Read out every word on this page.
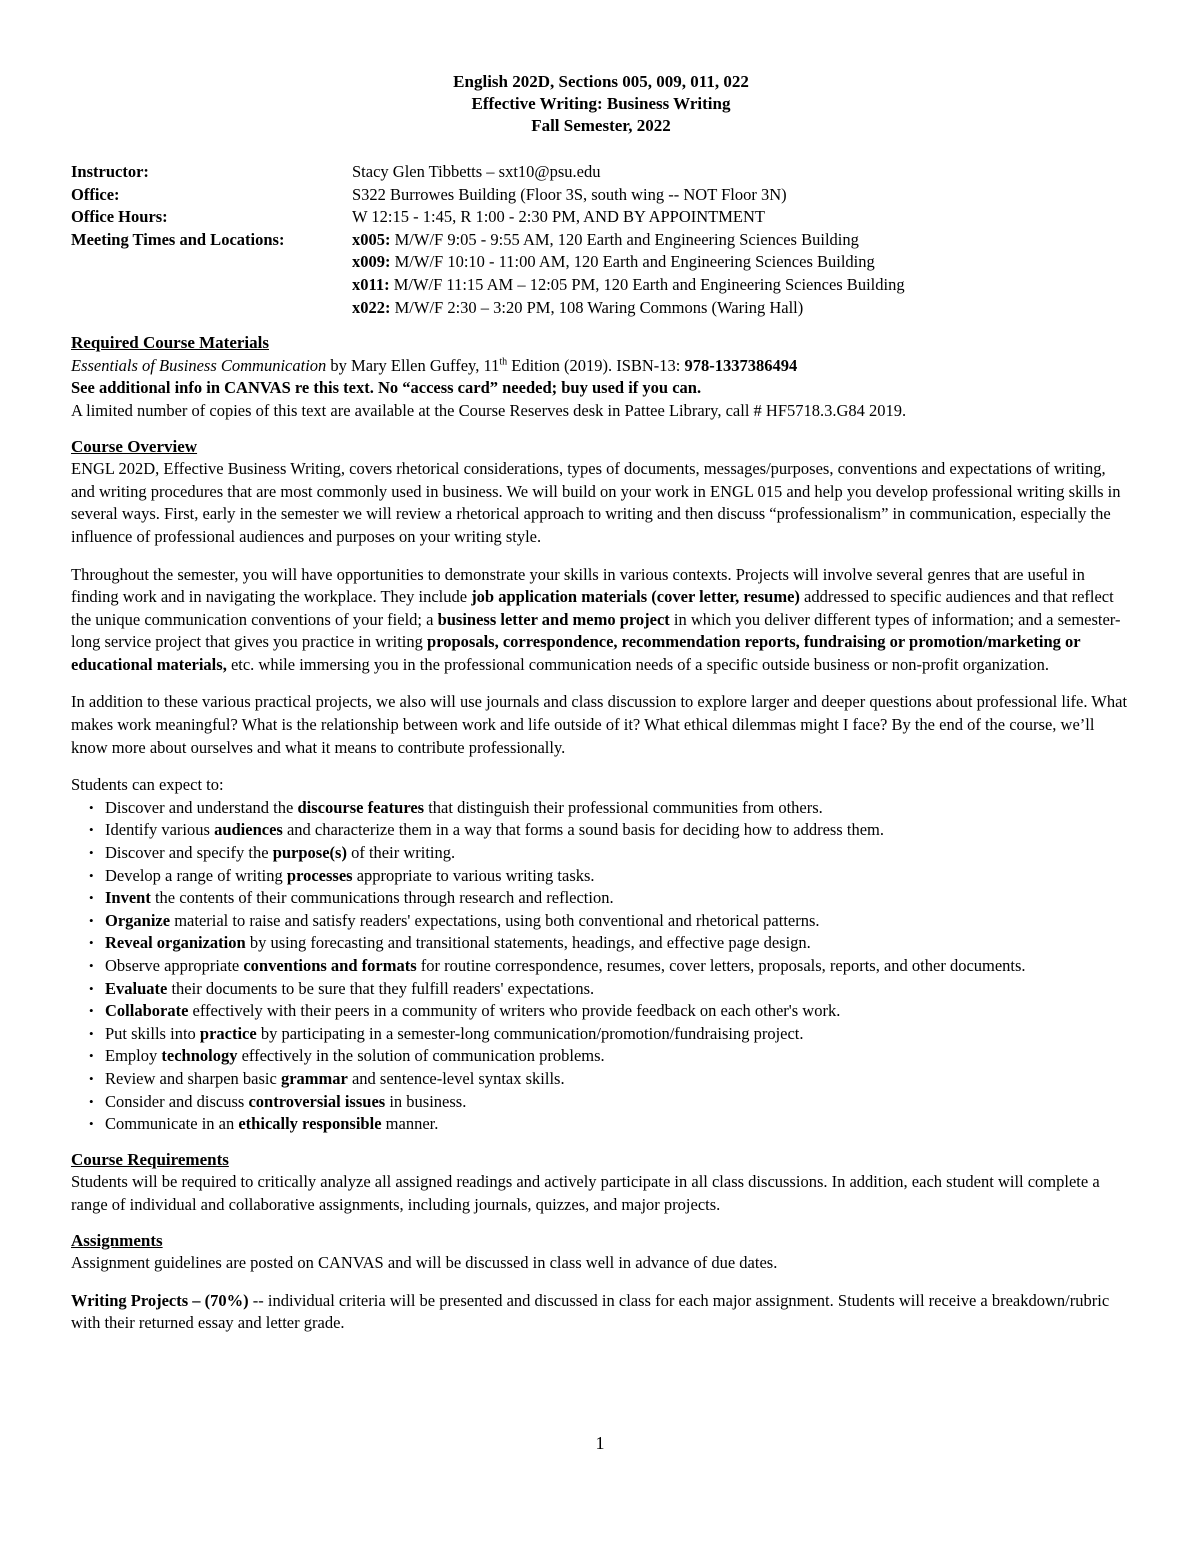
English 202D, Sections 005, 009, 011, 022
Effective Writing: Business Writing
Fall Semester, 2022
Instructor:	Stacy Glen Tibbetts – sxt10@psu.edu
Office:	S322 Burrowes Building (Floor 3S, south wing -- NOT Floor 3N)
Office Hours:	W 12:15 - 1:45, R 1:00 - 2:30 PM, AND BY APPOINTMENT
Meeting Times and Locations:	x005: M/W/F 9:05 - 9:55 AM, 120 Earth and Engineering Sciences Building
x009: M/W/F 10:10 - 11:00 AM, 120 Earth and Engineering Sciences Building
x011: M/W/F 11:15 AM – 12:05 PM, 120 Earth and Engineering Sciences Building
x022: M/W/F 2:30 – 3:20 PM, 108 Waring Commons (Waring Hall)
Required Course Materials
Essentials of Business Communication by Mary Ellen Guffey, 11th Edition (2019). ISBN-13: 978-1337386494
See additional info in CANVAS re this text. No “access card” needed; buy used if you can.
A limited number of copies of this text are available at the Course Reserves desk in Pattee Library, call # HF5718.3.G84 2019.
Course Overview
ENGL 202D, Effective Business Writing, covers rhetorical considerations, types of documents, messages/purposes, conventions and expectations of writing, and writing procedures that are most commonly used in business. We will build on your work in ENGL 015 and help you develop professional writing skills in several ways. First, early in the semester we will review a rhetorical approach to writing and then discuss “professionalism” in communication, especially the influence of professional audiences and purposes on your writing style.
Throughout the semester, you will have opportunities to demonstrate your skills in various contexts. Projects will involve several genres that are useful in finding work and in navigating the workplace. They include job application materials (cover letter, resume) addressed to specific audiences and that reflect the unique communication conventions of your field; a business letter and memo project in which you deliver different types of information; and a semester-long service project that gives you practice in writing proposals, correspondence, recommendation reports, fundraising or promotion/marketing or educational materials, etc. while immersing you in the professional communication needs of a specific outside business or non-profit organization.
In addition to these various practical projects, we also will use journals and class discussion to explore larger and deeper questions about professional life. What makes work meaningful? What is the relationship between work and life outside of it? What ethical dilemmas might I face? By the end of the course, we’ll know more about ourselves and what it means to contribute professionally.
Students can expect to:
• Discover and understand the discourse features that distinguish their professional communities from others.
• Identify various audiences and characterize them in a way that forms a sound basis for deciding how to address them.
• Discover and specify the purpose(s) of their writing.
• Develop a range of writing processes appropriate to various writing tasks.
• Invent the contents of their communications through research and reflection.
• Organize material to raise and satisfy readers' expectations, using both conventional and rhetorical patterns.
• Reveal organization by using forecasting and transitional statements, headings, and effective page design.
• Observe appropriate conventions and formats for routine correspondence, resumes, cover letters, proposals, reports, and other documents.
• Evaluate their documents to be sure that they fulfill readers' expectations.
• Collaborate effectively with their peers in a community of writers who provide feedback on each other's work.
• Put skills into practice by participating in a semester-long communication/promotion/fundraising project.
• Employ technology effectively in the solution of communication problems.
• Review and sharpen basic grammar and sentence-level syntax skills.
• Consider and discuss controversial issues in business.
• Communicate in an ethically responsible manner.
Course Requirements
Students will be required to critically analyze all assigned readings and actively participate in all class discussions. In addition, each student will complete a range of individual and collaborative assignments, including journals, quizzes, and major projects.
Assignments
Assignment guidelines are posted on CANVAS and will be discussed in class well in advance of due dates.
Writing Projects – (70%) -- individual criteria will be presented and discussed in class for each major assignment. Students will receive a breakdown/rubric with their returned essay and letter grade.
1
